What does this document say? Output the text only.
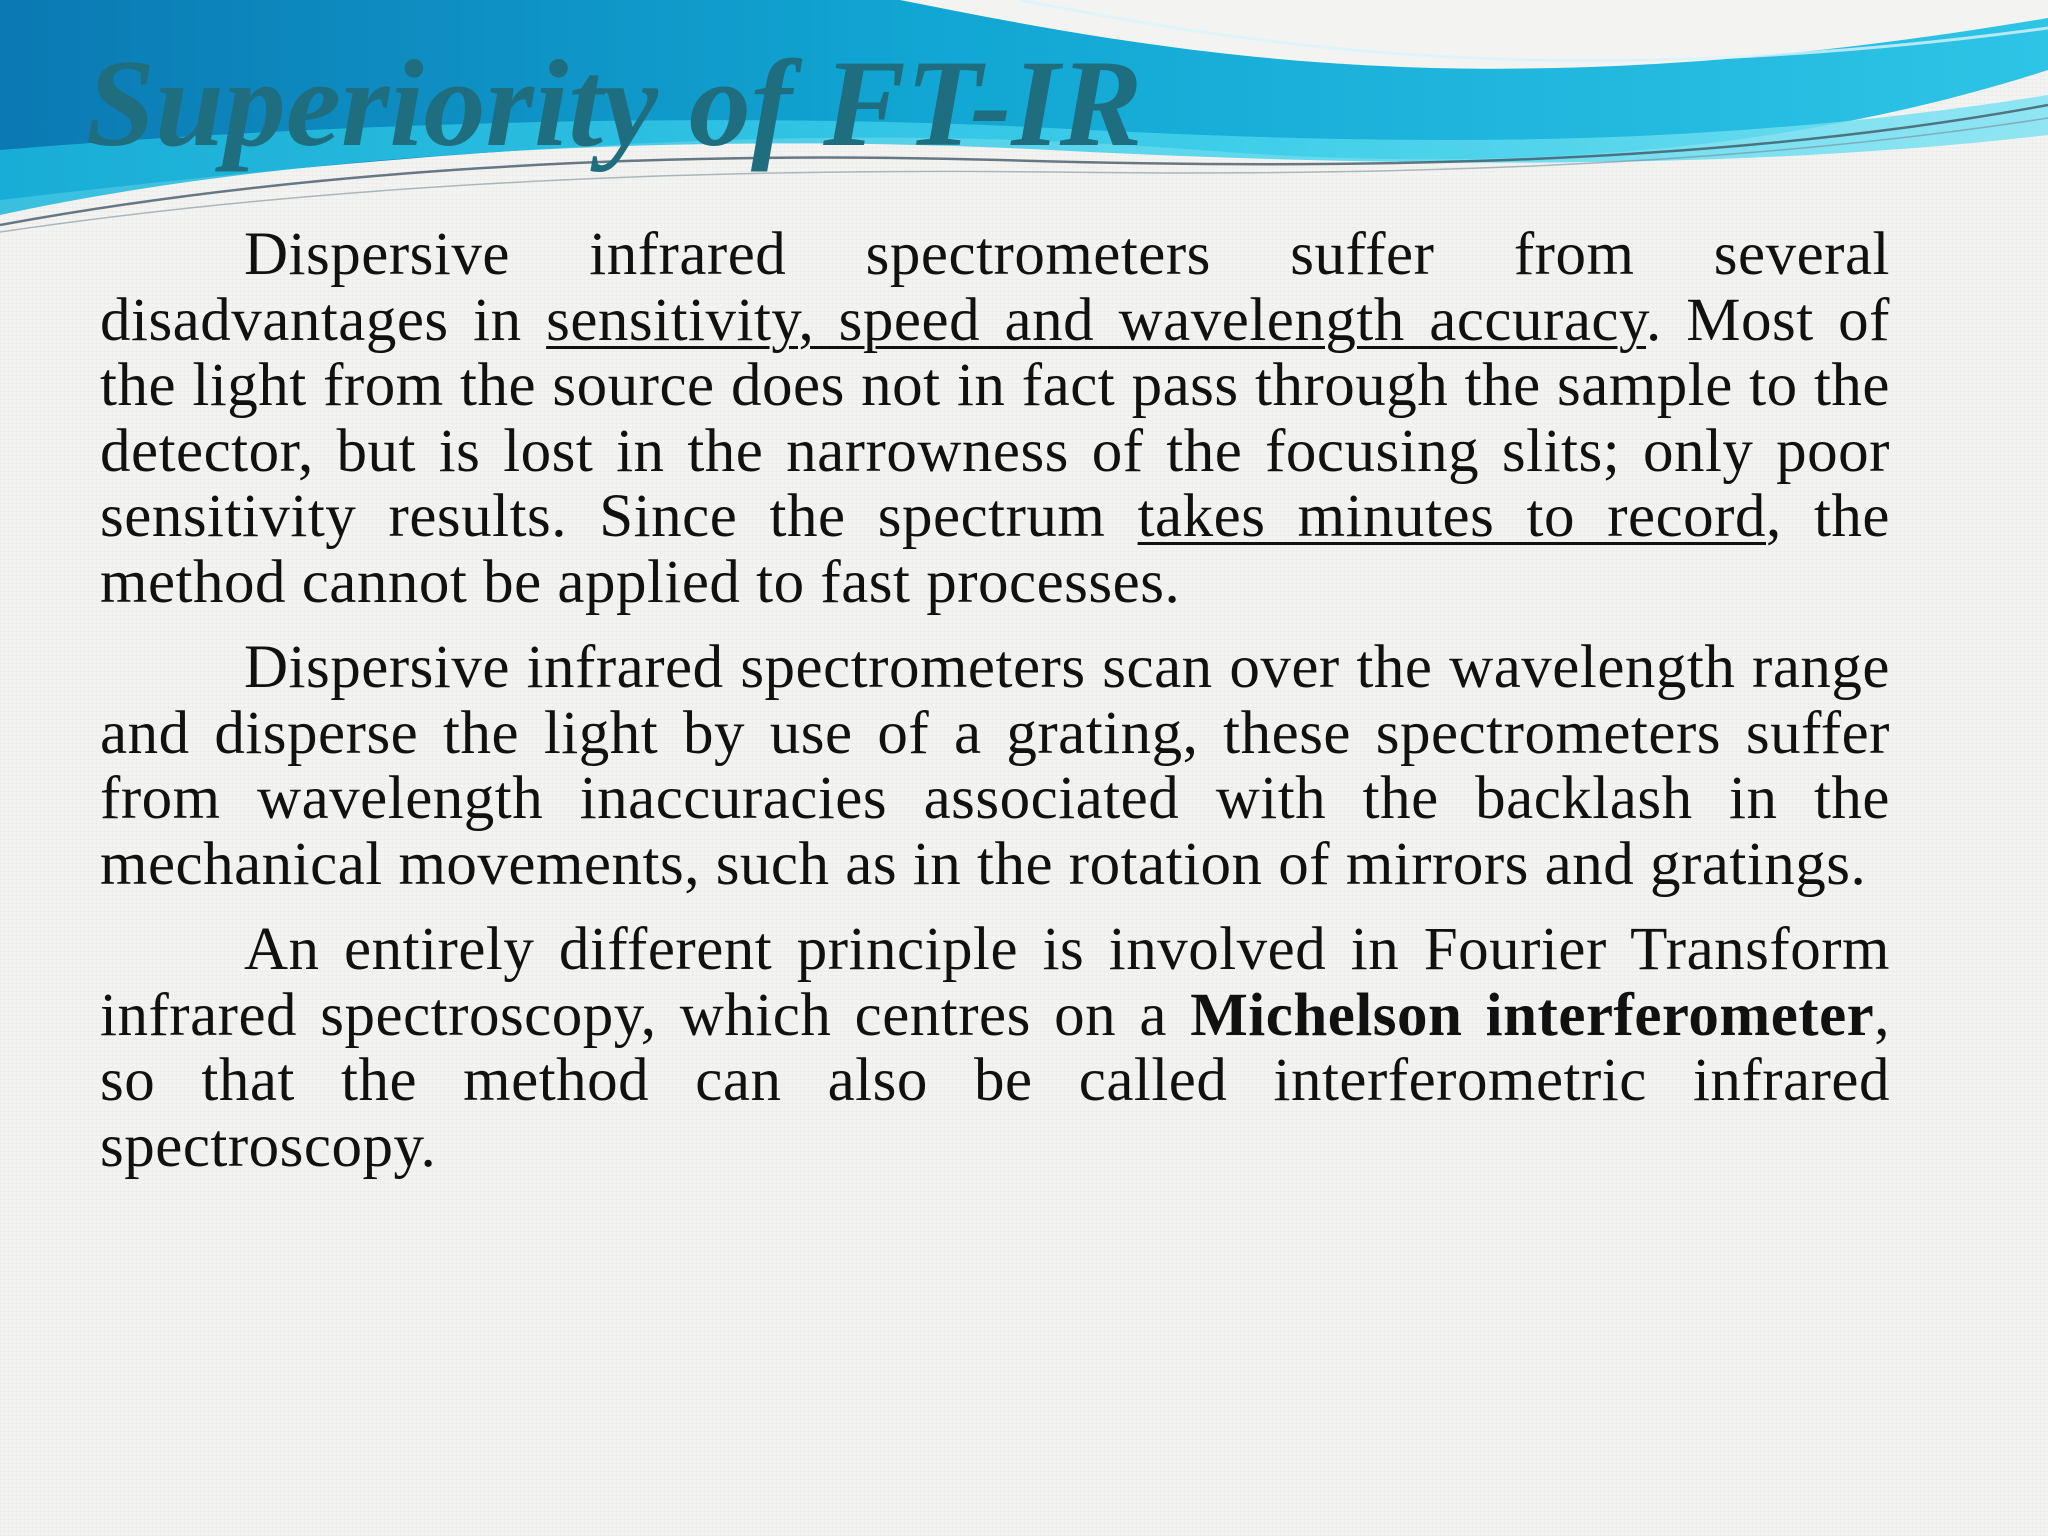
Superiority of FT-IR

Dispersive infrared spectrometers suffer from several disadvantages in sensitivity, speed and wavelength accuracy. Most of the light from the source does not in fact pass through the sample to the detector, but is lost in the narrowness of the focusing slits; only poor sensitivity results. Since the spectrum takes minutes to record, the method cannot be applied to fast processes.

Dispersive infrared spectrometers scan over the wavelength range and disperse the light by use of a grating, these spectrometers suffer from wavelength inaccuracies associated with the backlash in the mechanical movements, such as in the rotation of mirrors and gratings.

An entirely different principle is involved in Fourier Transform infrared spectroscopy, which centres on a Michelson interferometer, so that the method can also be called interferometric infrared spectroscopy.
